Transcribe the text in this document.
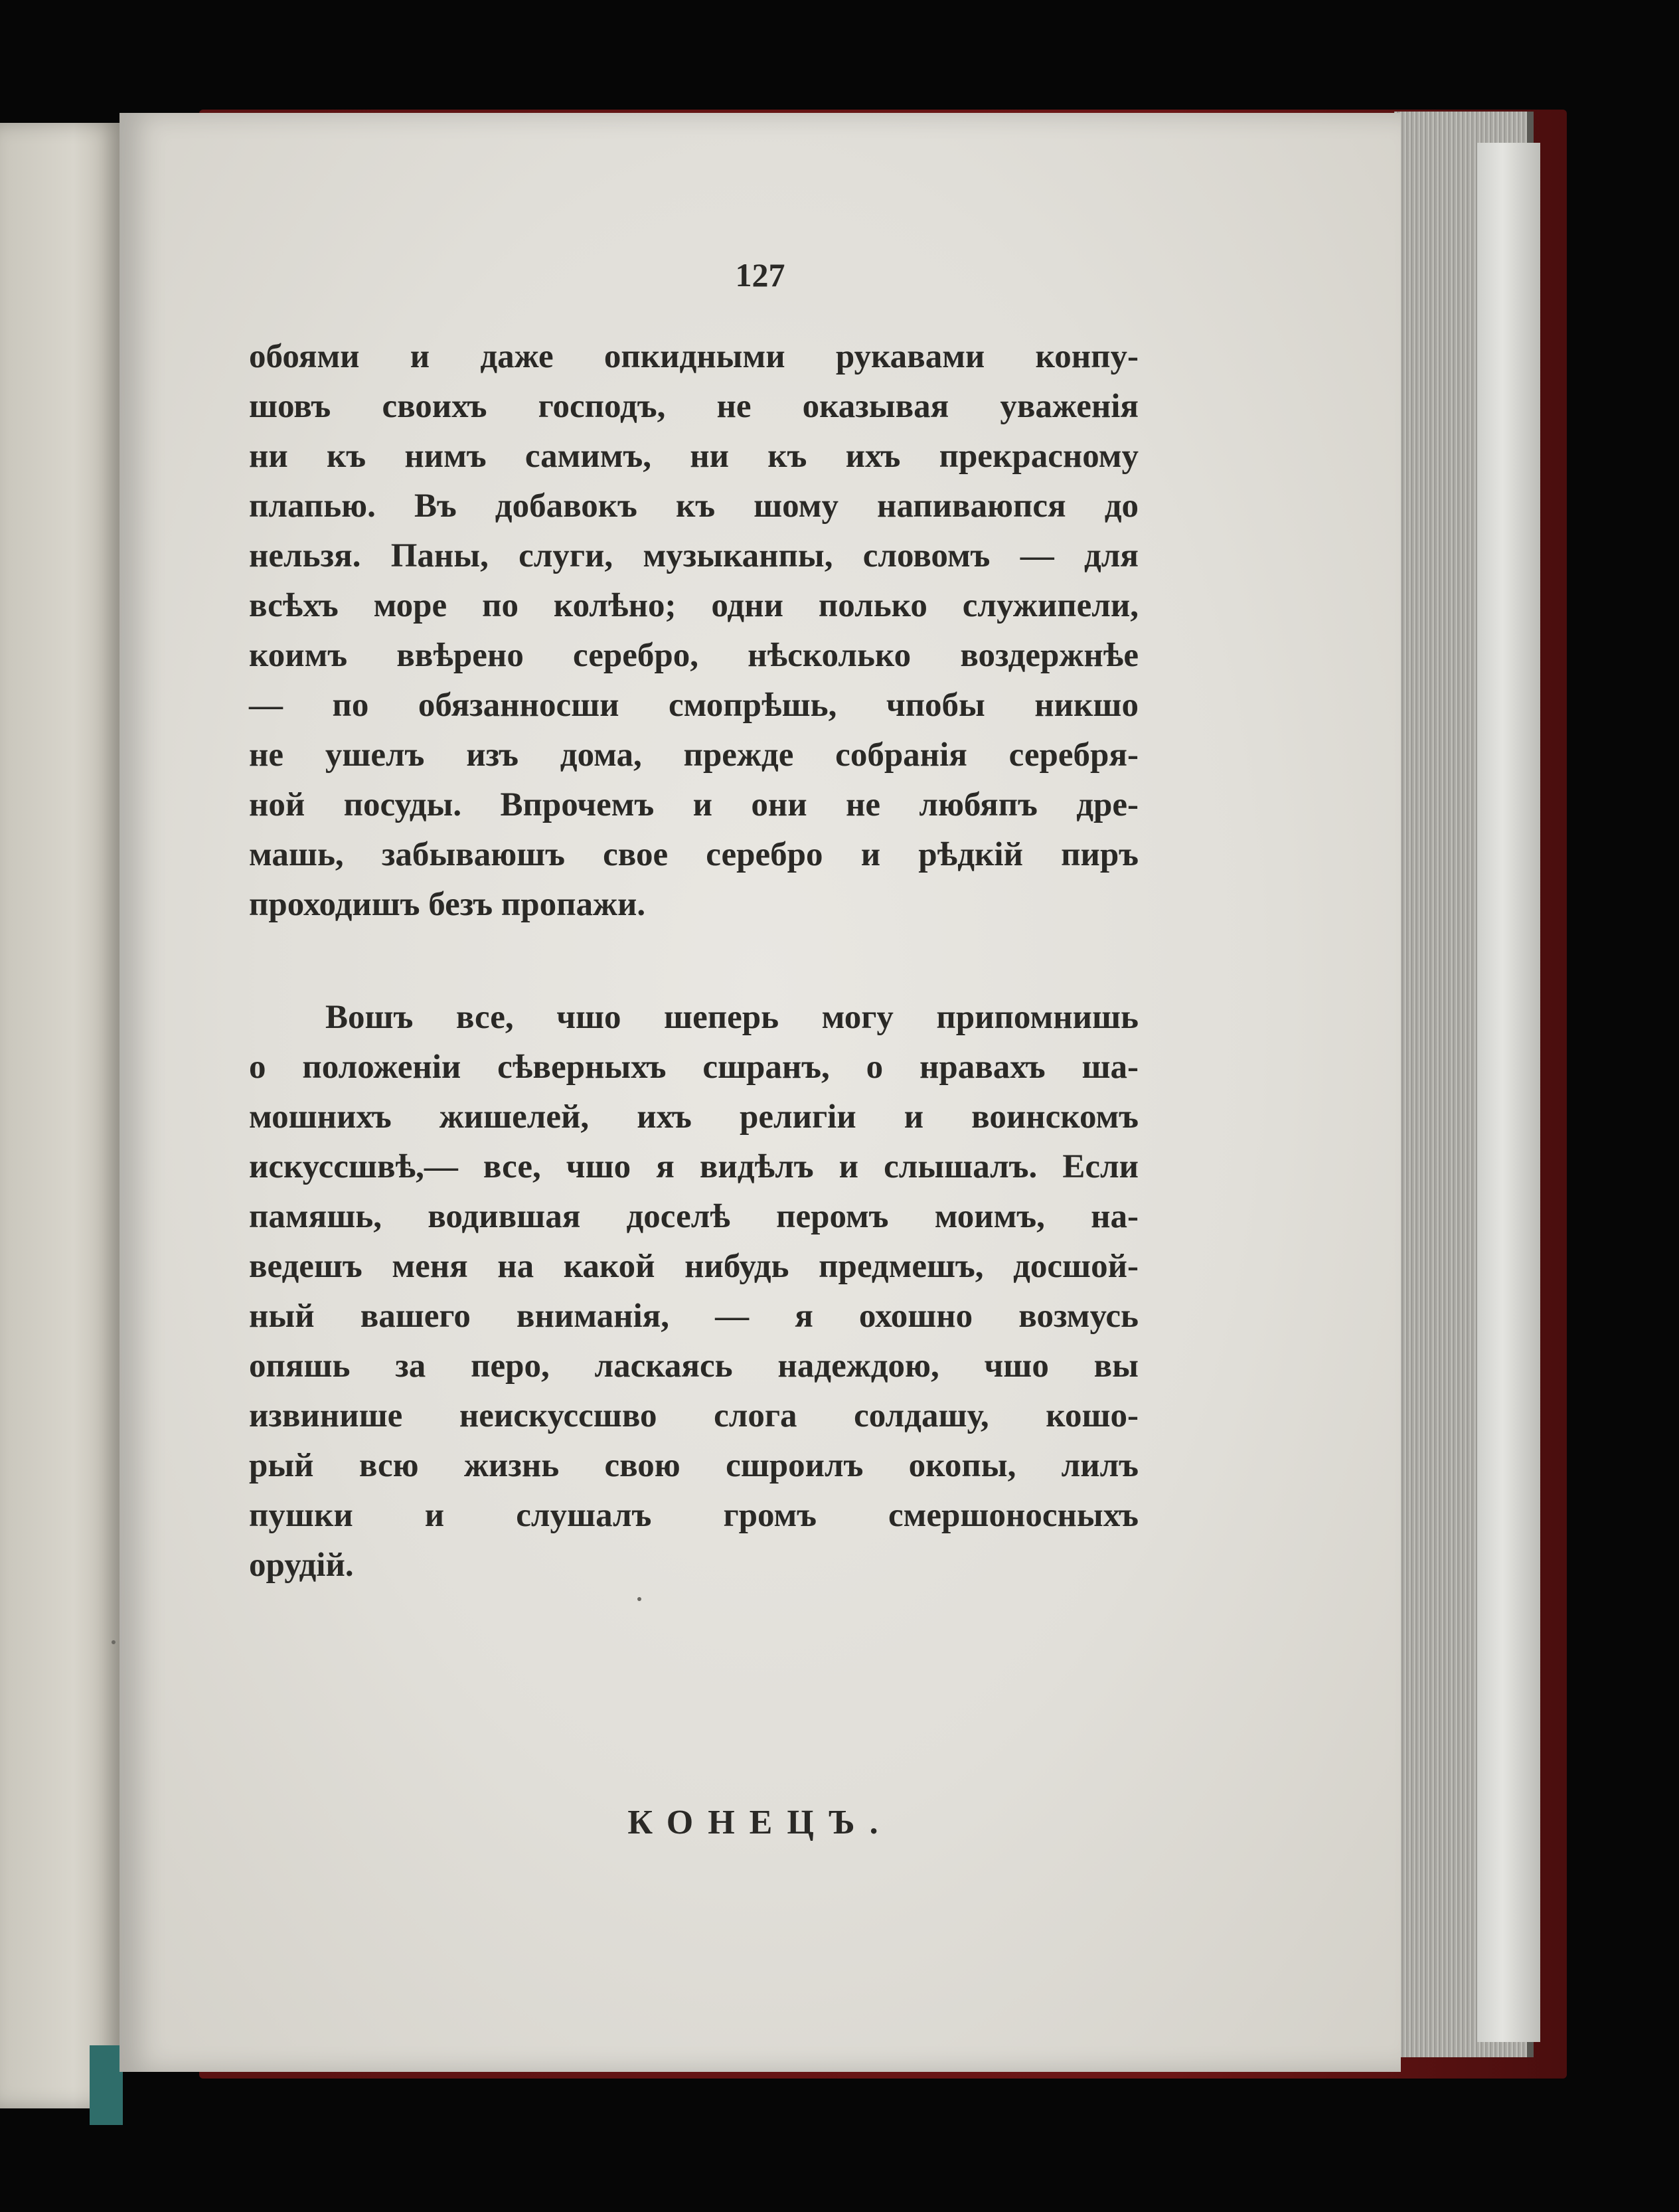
127
обоями и даже опкидными рукавами конпу-
шовъ своихъ господъ, не оказывая уваженія
ни къ нимъ самимъ, ни къ ихъ прекрасному
плапью. Въ добавокъ къ шому напиваюпся до
нельзя. Паны, слуги, музыканпы, словомъ — для
всѣхъ море по колѣно; одни полько служипели,
коимъ ввѣрено серебро, нѣсколько воздержнѣе
— по обязанносши смопрѣшь, чпобы никшо
не ушелъ изъ дома, прежде собранія серебря-
ной посуды. Впрочемъ и они не любяпъ дре-
машь, забываюшъ свое серебро и рѣдкій пиръ
проходишъ безъ пропажи.
Вошъ все, чшо шеперь могу припомнишь
о положеніи сѣверныхъ сшранъ, о нравахъ ша-
мошнихъ жишелей, ихъ религіи и воинскомъ
искуссшвѣ,— все, чшо я видѣлъ и слышалъ. Если
памяшь, водившая доселѣ перомъ моимъ, на-
ведешъ меня на какой нибудь предмешъ, досшой-
ный вашего вниманія, — я охошно возмусь
опяшь за перо, ласкаясь надеждою, чшо вы
извинише неискуссшво слога солдашу, кошо-
рый всю жизнь свою сшроилъ окопы, лилъ
пушки и слушалъ громъ смершоносныхъ
орудій.
КОНЕЦЪ.
